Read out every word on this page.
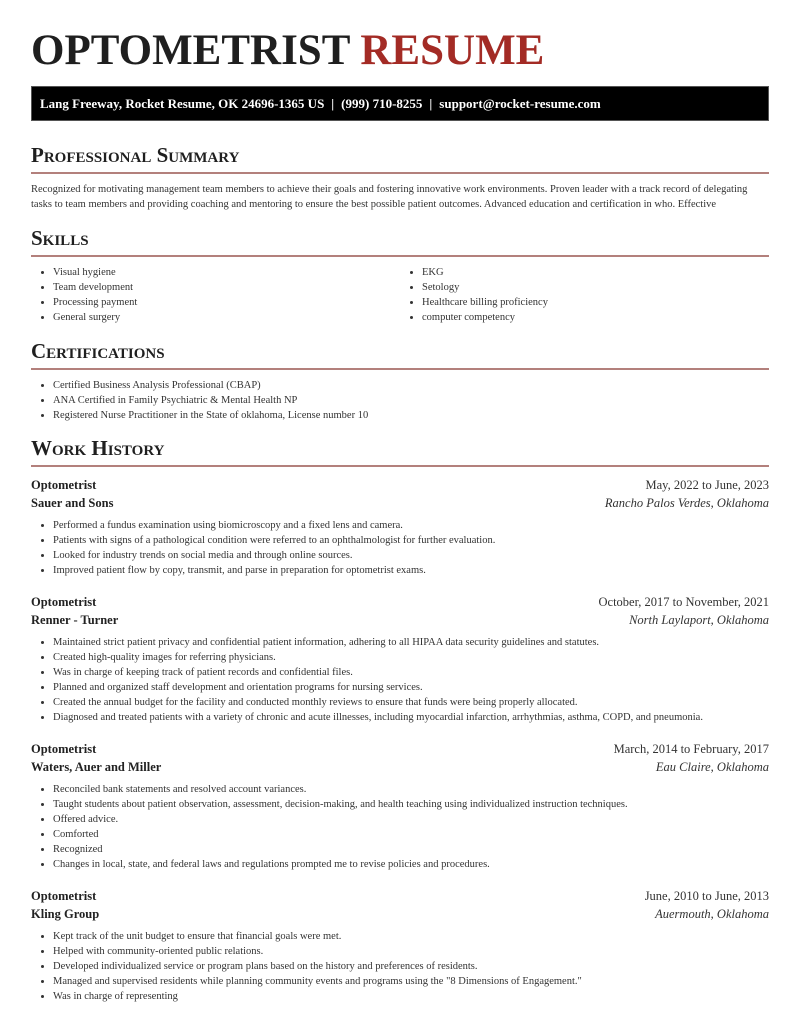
OPTOMETRIST RESUME
Lang Freeway, Rocket Resume, OK 24696-1365 US | (999) 710-8255 | support@rocket-resume.com
Professional Summary

Recognized for motivating management team members to achieve their goals and fostering innovative work environments. Proven leader with a track record of delegating tasks to team members and providing coaching and mentoring to ensure the best possible patient outcomes. Advanced education and certification in who. Effective

Skills
• Visual hygiene
• Team development
• Processing payment
• General surgery
• EKG
• Setology
• Healthcare billing proficiency
• computer competency
Certifications
• Certified Business Analysis Professional (CBAP)
• ANA Certified in Family Psychiatric & Mental Health NP
• Registered Nurse Practitioner in the State of oklahoma, License number 10
Work History
Optometrist	May, 2022 to June, 2023
Sauer and Sons	Rancho Palos Verdes, Oklahoma
• Performed a fundus examination using biomicroscopy and a fixed lens and camera.
• Patients with signs of a pathological condition were referred to an ophthalmologist for further evaluation.
• Looked for industry trends on social media and through online sources.
• Improved patient flow by copy, transmit, and parse in preparation for optometrist exams.
Optometrist	October, 2017 to November, 2021
Renner - Turner	North Laylaport, Oklahoma
• Maintained strict patient privacy and confidential patient information, adhering to all HIPAA data security guidelines and statutes.
• Created high-quality images for referring physicians.
• Was in charge of keeping track of patient records and confidential files.
• Planned and organized staff development and orientation programs for nursing services.
• Created the annual budget for the facility and conducted monthly reviews to ensure that funds were being properly allocated.
• Diagnosed and treated patients with a variety of chronic and acute illnesses, including myocardial infarction, arrhythmias, asthma, COPD, and pneumonia.
Optometrist	March, 2014 to February, 2017
Waters, Auer and Miller	Eau Claire, Oklahoma
• Reconciled bank statements and resolved account variances.
• Taught students about patient observation, assessment, decision-making, and health teaching using individualized instruction techniques.
• Offered advice.
• Comforted
• Recognized
• Changes in local, state, and federal laws and regulations prompted me to revise policies and procedures.
Optometrist	June, 2010 to June, 2013
Kling Group	Auermouth, Oklahoma
• Kept track of the unit budget to ensure that financial goals were met.
• Helped with community-oriented public relations.
• Developed individualized service or program plans based on the history and preferences of residents.
• Managed and supervised residents while planning community events and programs using the "8 Dimensions of Engagement."
• Was in charge of representing
